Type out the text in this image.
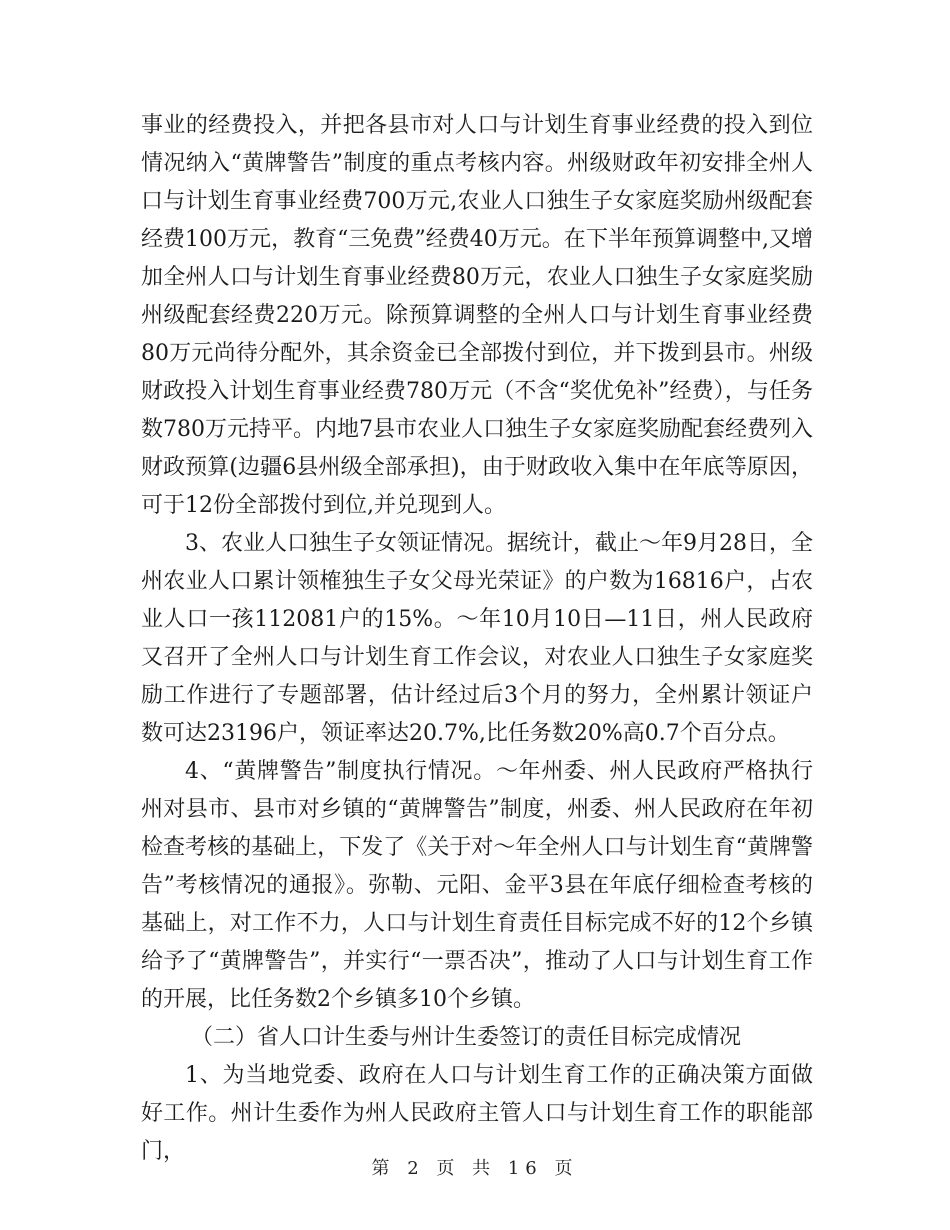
事业的经费投入，并把各县市对人口与计划生育事业经费的投入到位情况纳入“黄牌警告”制度的重点考核内容。州级财政年初安排全州人口与计划生育事业经费700万元,农业人口独生子女家庭奖励州级配套经费100万元，教育“三免费”经费40万元。在下半年预算调整中,又增加全州人口与计划生育事业经费80万元，农业人口独生子女家庭奖励州级配套经费220万元。除预算调整的全州人口与计划生育事业经费80万元尚待分配外，其余资金已全部拨付到位，并下拨到县市。州级财政投入计划生育事业经费780万元（不含“奖优免补”经费），与任务数780万元持平。内地7县市农业人口独生子女家庭奖励配套经费列入财政预算(边疆6县州级全部承担)，由于财政收入集中在年底等原因，可于12份全部拨付到位,并兑现到人。

3、农业人口独生子女领证情况。据统计，截止～年9月28日，全州农业人口累计领榷独生子女父母光荣证》的户数为16816户，占农业人口一孩112081户的15%。～年10月10日—11日，州人民政府又召开了全州人口与计划生育工作会议，对农业人口独生子女家庭奖励工作进行了专题部署，估计经过后3个月的努力，全州累计领证户数可达23196户，领证率达20.7%,比任务数20%高0.7个百分点。

4、“黄牌警告”制度执行情况。～年州委、州人民政府严格执行州对县市、县市对乡镇的“黄牌警告”制度，州委、州人民政府在年初检查考核的基础上，下发了《关于对～年全州人口与计划生育“黄牌警告”考核情况的通报》。弥勒、元阳、金平3县在年底仔细检查考核的基础上，对工作不力，人口与计划生育责任目标完成不好的12个乡镇给予了“黄牌警告”，并实行“一票否决”，推动了人口与计划生育工作的开展，比任务数2个乡镇多10个乡镇。

（二）省人口计生委与州计生委签订的责任目标完成情况

1、为当地党委、政府在人口与计划生育工作的正确决策方面做好工作。州计生委作为州人民政府主管人口与计划生育工作的职能部门，

第 2 页 共 16 页
